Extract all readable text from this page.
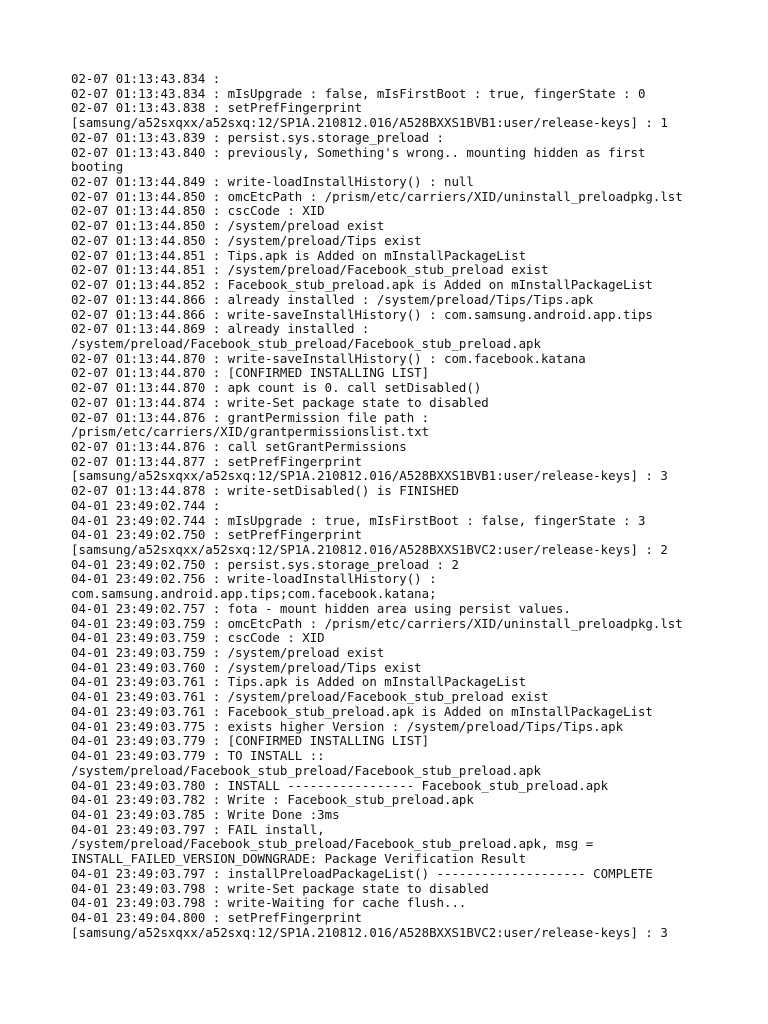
02-07 01:13:43.834 :
02-07 01:13:43.834 : mIsUpgrade : false, mIsFirstBoot : true, fingerState : 0
02-07 01:13:43.838 : setPrefFingerprint
[samsung/a52sxqxx/a52sxq:12/SP1A.210812.016/A528BXXS1BVB1:user/release-keys] : 1
02-07 01:13:43.839 : persist.sys.storage_preload :
02-07 01:13:43.840 : previously, Something's wrong.. mounting hidden as first
booting
02-07 01:13:44.849 : write-loadInstallHistory() : null
02-07 01:13:44.850 : omcEtcPath : /prism/etc/carriers/XID/uninstall_preloadpkg.lst
02-07 01:13:44.850 : cscCode : XID
02-07 01:13:44.850 : /system/preload exist
02-07 01:13:44.850 : /system/preload/Tips exist
02-07 01:13:44.851 : Tips.apk is Added on mInstallPackageList
02-07 01:13:44.851 : /system/preload/Facebook_stub_preload exist
02-07 01:13:44.852 : Facebook_stub_preload.apk is Added on mInstallPackageList
02-07 01:13:44.866 : already installed : /system/preload/Tips/Tips.apk
02-07 01:13:44.866 : write-saveInstallHistory() : com.samsung.android.app.tips
02-07 01:13:44.869 : already installed :
/system/preload/Facebook_stub_preload/Facebook_stub_preload.apk
02-07 01:13:44.870 : write-saveInstallHistory() : com.facebook.katana
02-07 01:13:44.870 : [CONFIRMED INSTALLING LIST]
02-07 01:13:44.870 : apk count is 0. call setDisabled()
02-07 01:13:44.874 : write-Set package state to disabled
02-07 01:13:44.876 : grantPermission file path :
/prism/etc/carriers/XID/grantpermissionslist.txt
02-07 01:13:44.876 : call setGrantPermissions
02-07 01:13:44.877 : setPrefFingerprint
[samsung/a52sxqxx/a52sxq:12/SP1A.210812.016/A528BXXS1BVB1:user/release-keys] : 3
02-07 01:13:44.878 : write-setDisabled() is FINISHED
04-01 23:49:02.744 :
04-01 23:49:02.744 : mIsUpgrade : true, mIsFirstBoot : false, fingerState : 3
04-01 23:49:02.750 : setPrefFingerprint
[samsung/a52sxqxx/a52sxq:12/SP1A.210812.016/A528BXXS1BVC2:user/release-keys] : 2
04-01 23:49:02.750 : persist.sys.storage_preload : 2
04-01 23:49:02.756 : write-loadInstallHistory() :
com.samsung.android.app.tips;com.facebook.katana;
04-01 23:49:02.757 : fota - mount hidden area using persist values.
04-01 23:49:03.759 : omcEtcPath : /prism/etc/carriers/XID/uninstall_preloadpkg.lst
04-01 23:49:03.759 : cscCode : XID
04-01 23:49:03.759 : /system/preload exist
04-01 23:49:03.760 : /system/preload/Tips exist
04-01 23:49:03.761 : Tips.apk is Added on mInstallPackageList
04-01 23:49:03.761 : /system/preload/Facebook_stub_preload exist
04-01 23:49:03.761 : Facebook_stub_preload.apk is Added on mInstallPackageList
04-01 23:49:03.775 : exists higher Version : /system/preload/Tips/Tips.apk
04-01 23:49:03.779 : [CONFIRMED INSTALLING LIST]
04-01 23:49:03.779 : TO INSTALL ::
/system/preload/Facebook_stub_preload/Facebook_stub_preload.apk
04-01 23:49:03.780 : INSTALL ----------------- Facebook_stub_preload.apk
04-01 23:49:03.782 : Write : Facebook_stub_preload.apk
04-01 23:49:03.785 : Write Done :3ms
04-01 23:49:03.797 : FAIL install,
/system/preload/Facebook_stub_preload/Facebook_stub_preload.apk, msg =
INSTALL_FAILED_VERSION_DOWNGRADE: Package Verification Result
04-01 23:49:03.797 : installPreloadPackageList() -------------------- COMPLETE
04-01 23:49:03.798 : write-Set package state to disabled
04-01 23:49:03.798 : write-Waiting for cache flush...
04-01 23:49:04.800 : setPrefFingerprint
[samsung/a52sxqxx/a52sxq:12/SP1A.210812.016/A528BXXS1BVC2:user/release-keys] : 3
